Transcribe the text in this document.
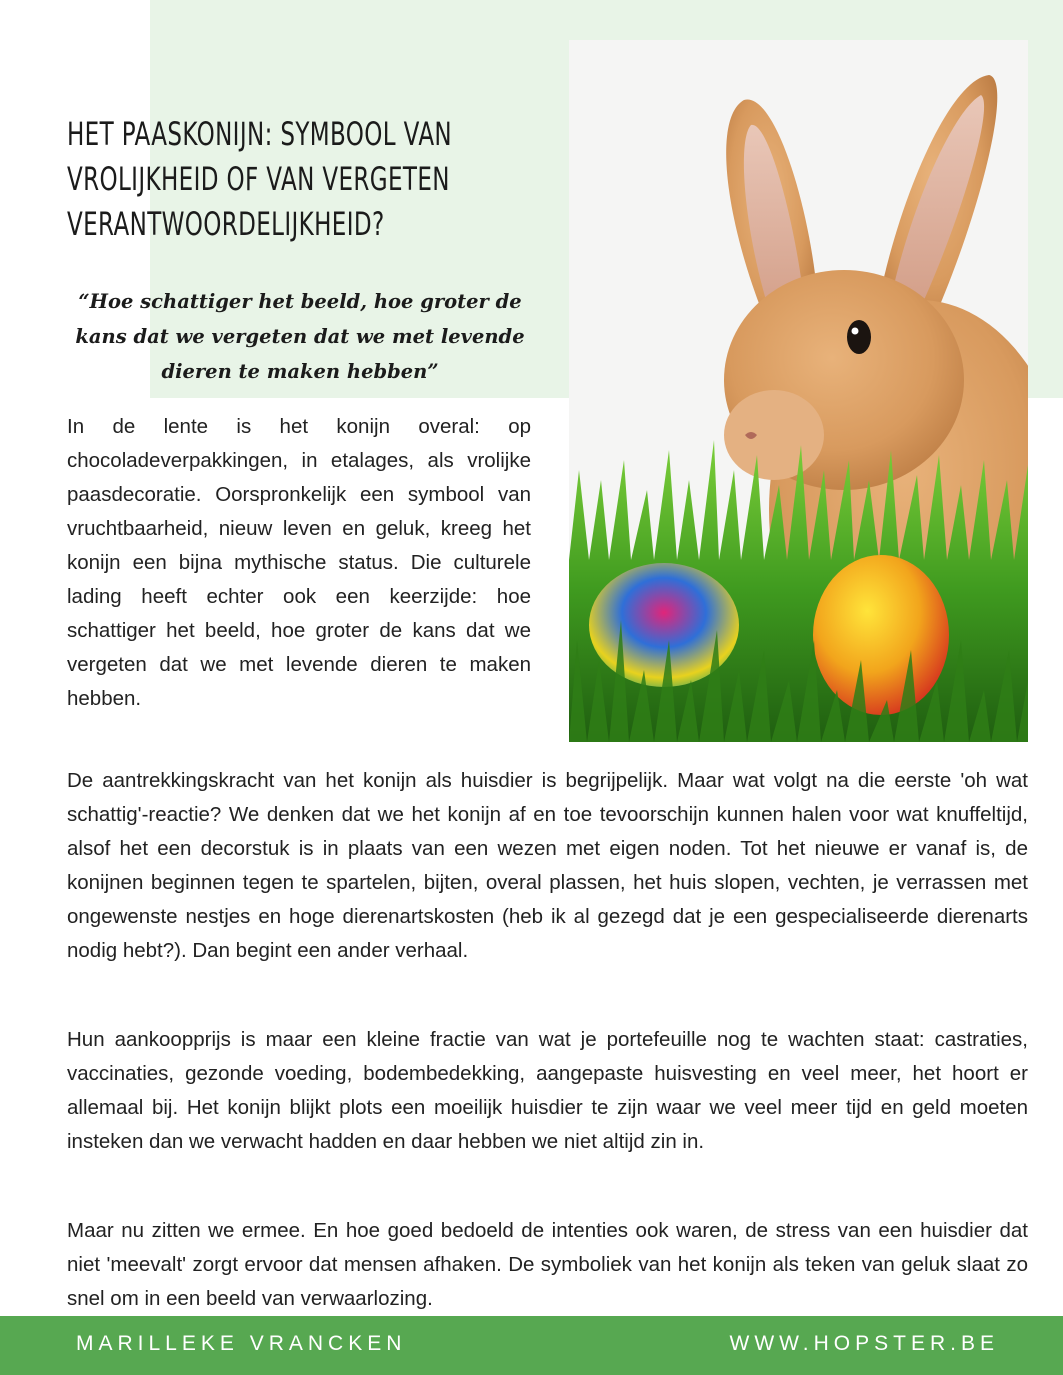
HET PAASKONIJN: SYMBOOL VAN VROLIJKHEID OF VAN VERGETEN VERANTWOORDELIJKHEID?

“Hoe schattiger het beeld, hoe groter de kans dat we vergeten dat we met levende dieren te maken hebben”

In de lente is het konijn overal: op chocoladeverpakkingen, in etalages, als vrolijke paasdecoratie. Oorspronkelijk een symbool van vruchtbaarheid, nieuw leven en geluk, kreeg het konijn een bijna mythische status. Die culturele lading heeft echter ook een keerzijde: hoe schattiger het beeld, hoe groter de kans dat we vergeten dat we met levende dieren te maken hebben.

De aantrekkingskracht van het konijn als huisdier is begrijpelijk. Maar wat volgt na die eerste 'oh wat schattig'-reactie? We denken dat we het konijn af en toe tevoorschijn kunnen halen voor wat knuffeltijd, alsof het een decorstuk is in plaats van een wezen met eigen noden. Tot het nieuwe er vanaf is, de konijnen beginnen tegen te spartelen, bijten, overal plassen, het huis slopen, vechten, je verrassen met ongewenste nestjes en hoge dierenartskosten (heb ik al gezegd dat je een gespecialiseerde dierenarts nodig hebt?). Dan begint een ander verhaal.

Hun aankoopprijs is maar een kleine fractie van wat je portefeuille nog te wachten staat: castraties, vaccinaties, gezonde voeding, bodembedekking, aangepaste huisvesting en veel meer, het hoort er allemaal bij. Het konijn blijkt plots een moeilijk huisdier te zijn waar we veel meer tijd en geld moeten insteken dan we verwacht hadden en daar hebben we niet altijd zin in.

Maar nu zitten we ermee. En hoe goed bedoeld de intenties ook waren, de stress van een huisdier dat niet 'meevalt' zorgt ervoor dat mensen afhaken. De symboliek van het konijn als teken van geluk slaat zo snel om in een beeld van verwaarlozing.

MARILLEKE VRANCKEN	WWW.HOPSTER.BE
